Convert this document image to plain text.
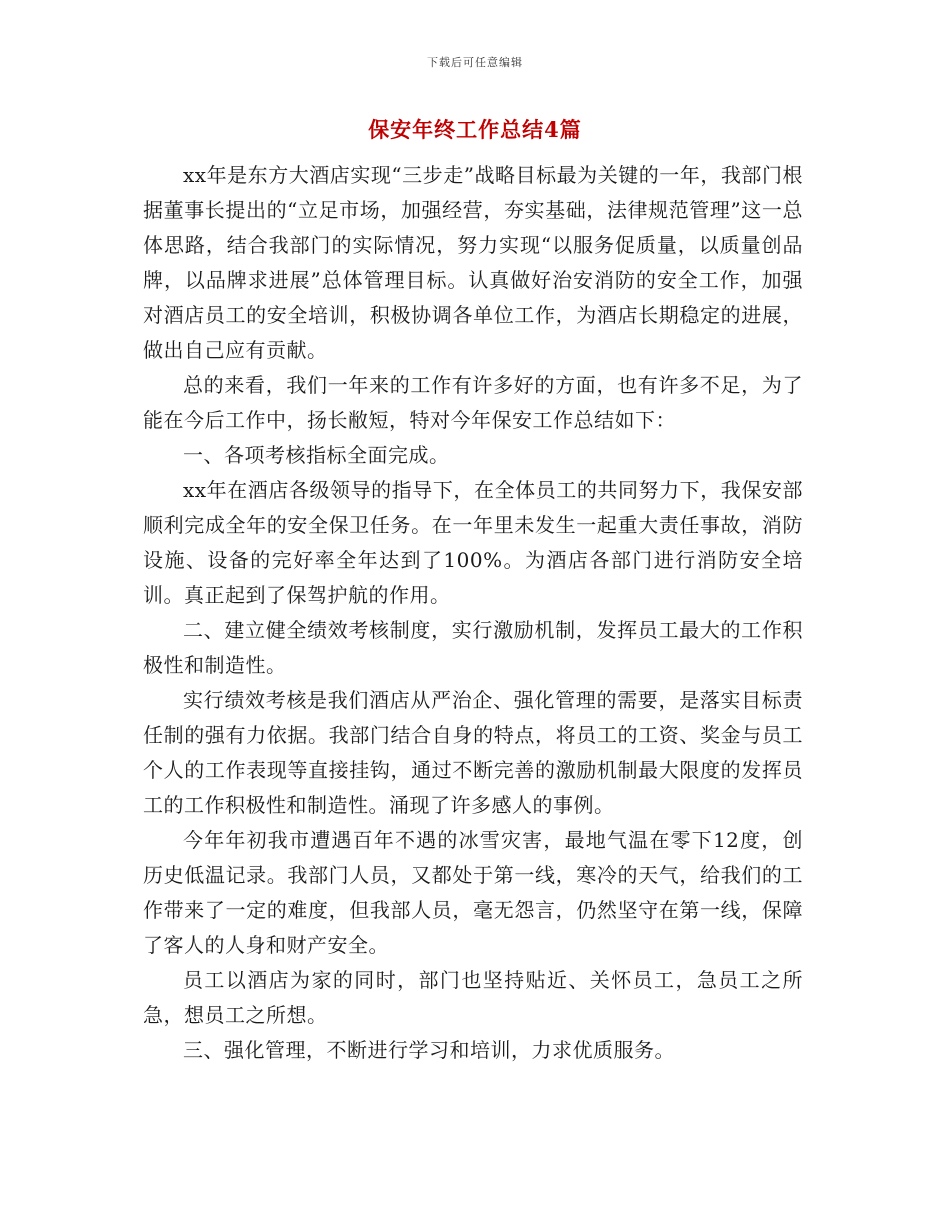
下载后可任意编辑
保安年终工作总结4篇

xx年是东方大酒店实现“三步走”战略目标最为关键的一年，我部门根据董事长提出的“立足市场，加强经营，夯实基础，法律规范管理”这一总体思路，结合我部门的实际情况，努力实现“以服务促质量，以质量创品牌，以品牌求进展”总体管理目标。认真做好治安消防的安全工作，加强对酒店员工的安全培训，积极协调各单位工作，为酒店长期稳定的进展，做出自己应有贡献。

总的来看，我们一年来的工作有许多好的方面，也有许多不足，为了能在今后工作中，扬长敝短，特对今年保安工作总结如下：

一、各项考核指标全面完成。

xx年在酒店各级领导的指导下，在全体员工的共同努力下，我保安部顺利完成全年的安全保卫任务。在一年里未发生一起重大责任事故，消防设施、设备的完好率全年达到了100%。为酒店各部门进行消防安全培训。真正起到了保驾护航的作用。

二、建立健全绩效考核制度，实行激励机制，发挥员工最大的工作积极性和制造性。

实行绩效考核是我们酒店从严治企、强化管理的需要，是落实目标责任制的强有力依据。我部门结合自身的特点，将员工的工资、奖金与员工个人的工作表现等直接挂钩，通过不断完善的激励机制最大限度的发挥员工的工作积极性和制造性。涌现了许多感人的事例。

今年年初我市遭遇百年不遇的冰雪灾害，最地气温在零下12度，创历史低温记录。我部门人员，又都处于第一线，寒冷的天气，给我们的工作带来了一定的难度，但我部人员，毫无怨言，仍然坚守在第一线，保障了客人的人身和财产安全。

员工以酒店为家的同时，部门也坚持贴近、关怀员工，急员工之所急，想员工之所想。

三、强化管理，不断进行学习和培训，力求优质服务。
